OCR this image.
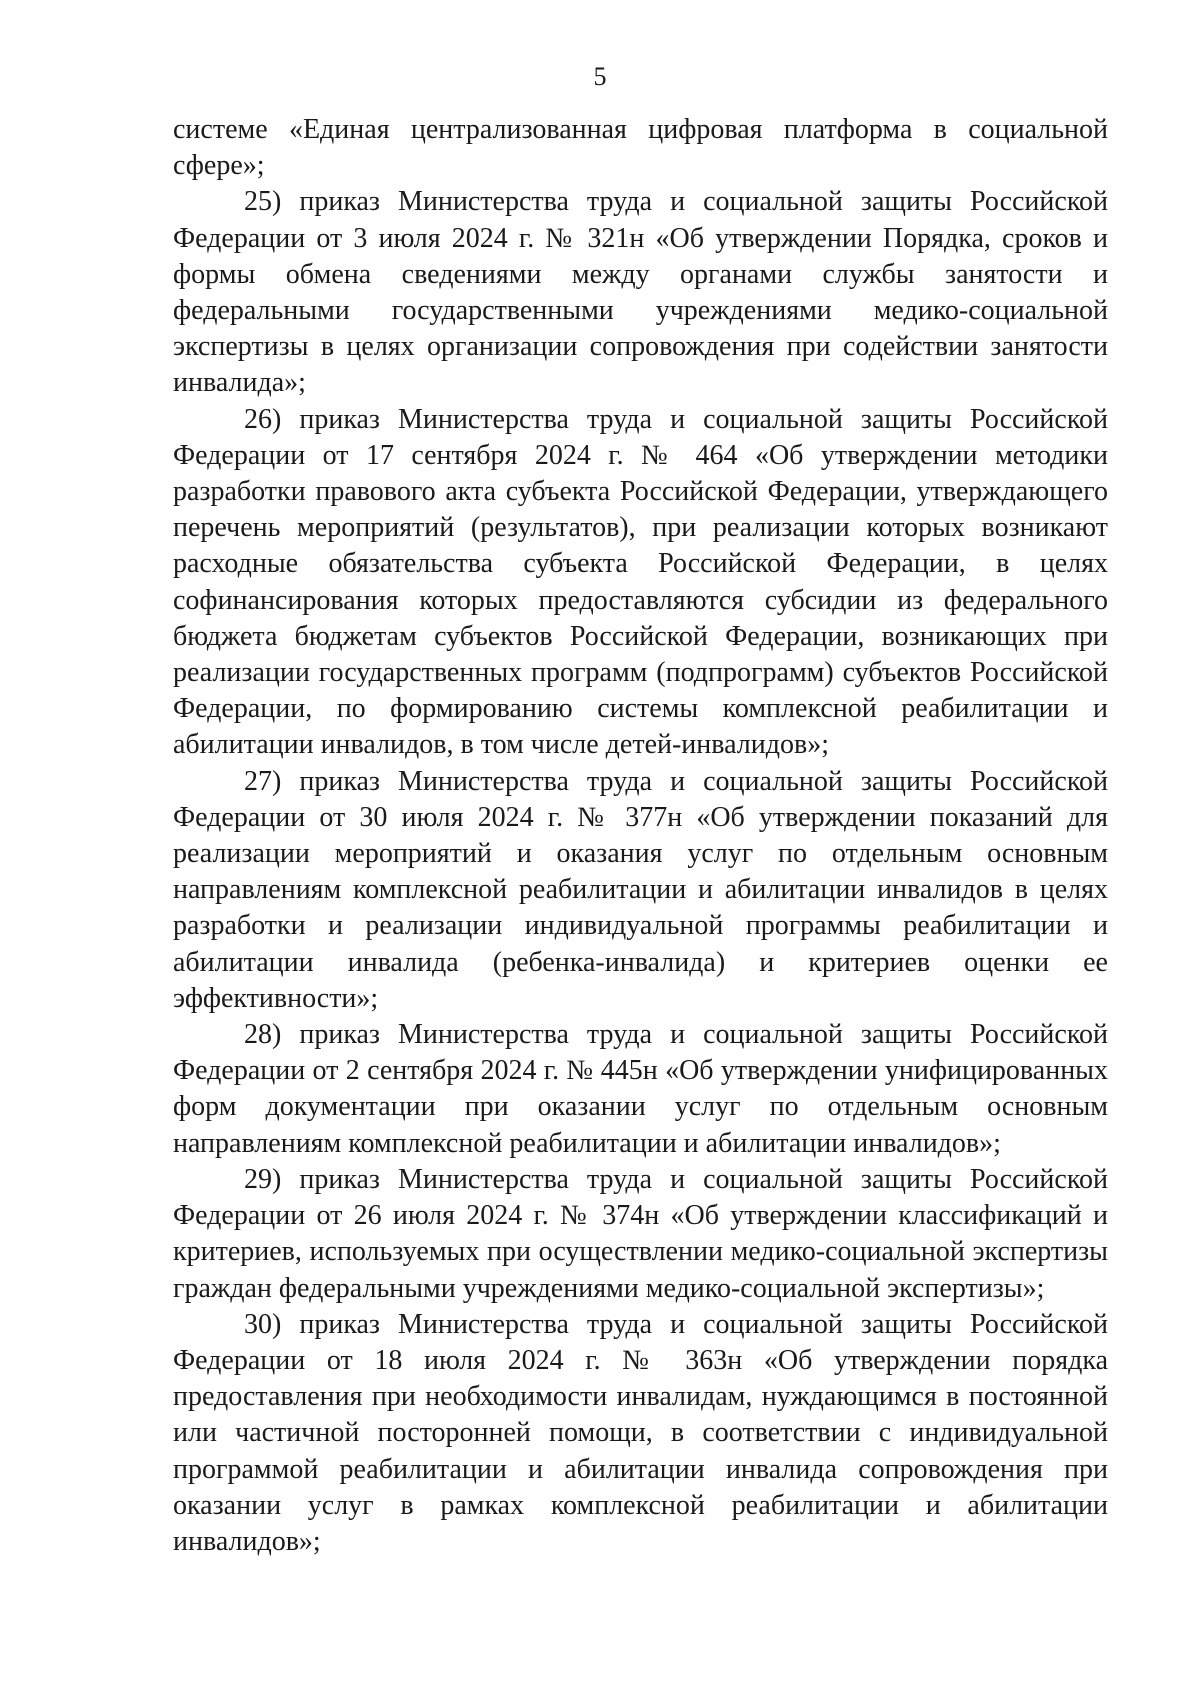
5

системе «Единая централизованная цифровая платформа в социальной сфере»;

25) приказ Министерства труда и социальной защиты Российской Федерации от 3 июля 2024 г. № 321н «Об утверждении Порядка, сроков и формы обмена сведениями между органами службы занятости и федеральными государственными учреждениями медико-социальной экспертизы в целях организации сопровождения при содействии занятости инвалида»;

26) приказ Министерства труда и социальной защиты Российской Федерации от 17 сентября 2024 г. № 464 «Об утверждении методики разработки правового акта субъекта Российской Федерации, утверждающего перечень мероприятий (результатов), при реализации которых возникают расходные обязательства субъекта Российской Федерации, в целях софинансирования которых предоставляются субсидии из федерального бюджета бюджетам субъектов Российской Федерации, возникающих при реализации государственных программ (подпрограмм) субъектов Российской Федерации, по формированию системы комплексной реабилитации и абилитации инвалидов, в том числе детей-инвалидов»;

27) приказ Министерства труда и социальной защиты Российской Федерации от 30 июля 2024 г. № 377н «Об утверждении показаний для реализации мероприятий и оказания услуг по отдельным основным направлениям комплексной реабилитации и абилитации инвалидов в целях разработки и реализации индивидуальной программы реабилитации и абилитации инвалида (ребенка-инвалида) и критериев оценки ее эффективности»;

28) приказ Министерства труда и социальной защиты Российской Федерации от 2 сентября 2024 г. № 445н «Об утверждении унифицированных форм документации при оказании услуг по отдельным основным направлениям комплексной реабилитации и абилитации инвалидов»;

29) приказ Министерства труда и социальной защиты Российской Федерации от 26 июля 2024 г. № 374н «Об утверждении классификаций и критериев, используемых при осуществлении медико-социальной экспертизы граждан федеральными учреждениями медико-социальной экспертизы»;

30) приказ Министерства труда и социальной защиты Российской Федерации от 18 июля 2024 г. № 363н «Об утверждении порядка предоставления при необходимости инвалидам, нуждающимся в постоянной или частичной посторонней помощи, в соответствии с индивидуальной программой реабилитации и абилитации инвалида сопровождения при оказании услуг в рамках комплексной реабилитации и абилитации инвалидов»;
